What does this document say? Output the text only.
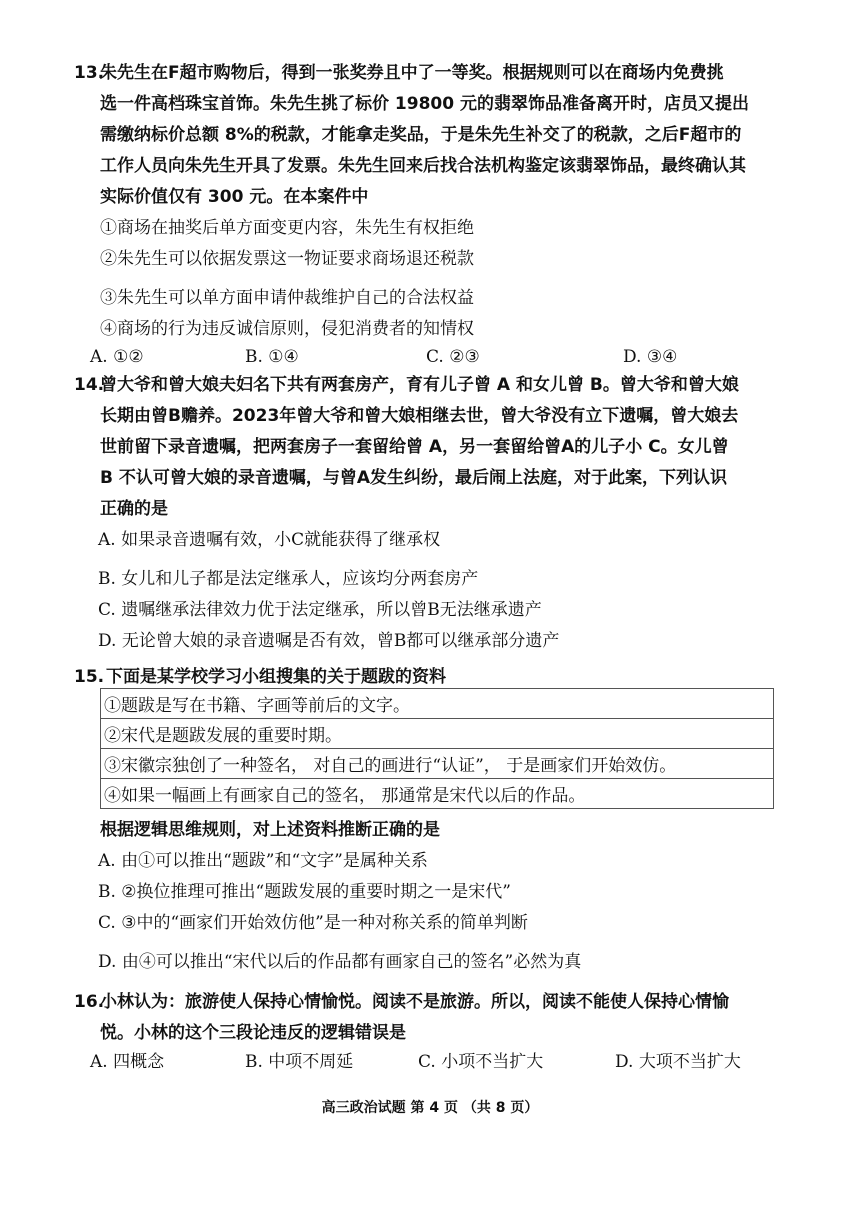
13.
朱先生在F超市购物后，得到一张奖券且中了一等奖。根据规则可以在商场内免费挑
选一件高档珠宝首饰。朱先生挑了标价 19800 元的翡翠饰品准备离开时，店员又提出
需缴纳标价总额 8%的税款，才能拿走奖品，于是朱先生补交了的税款，之后F超市的
工作人员向朱先生开具了发票。朱先生回来后找合法机构鉴定该翡翠饰品，最终确认其
实际价值仅有 300 元。在本案件中
①商场在抽奖后单方面变更内容，朱先生有权拒绝
②朱先生可以依据发票这一物证要求商场退还税款
③朱先生可以单方面申请仲裁维护自己的合法权益
④商场的行为违反诚信原则，侵犯消费者的知情权
A. ①②	B. ①④	C. ②③	D. ③④
14.
曾大爷和曾大娘夫妇名下共有两套房产，育有儿子曾 A 和女儿曾 B。曾大爷和曾大娘
长期由曾B赡养。2023年曾大爷和曾大娘相继去世，曾大爷没有立下遗嘱，曾大娘去
世前留下录音遗嘱，把两套房子一套留给曾 A，另一套留给曾A的儿子小 C。女儿曾
B 不认可曾大娘的录音遗嘱，与曾A发生纠纷，最后闹上法庭，对于此案，下列认识
正确的是
A. 如果录音遗嘱有效，小C就能获得了继承权
B. 女儿和儿子都是法定继承人，应该均分两套房产
C. 遗嘱继承法律效力优于法定继承，所以曾B无法继承遗产
D. 无论曾大娘的录音遗嘱是否有效，曾B都可以继承部分遗产
15. 下面是某学校学习小组搜集的关于题跋的资料
①题跋是写在书籍、字画等前后的文字。
②宋代是题跋发展的重要时期。
③宋徽宗独创了一种签名， 对自己的画进行“认证”， 于是画家们开始效仿。
④如果一幅画上有画家自己的签名， 那通常是宋代以后的作品。
根据逻辑思维规则，对上述资料推断正确的是
A. 由①可以推出“题跋”和“文字”是属种关系
B. ②换位推理可推出“题跋发展的重要时期之一是宋代”
C. ③中的“画家们开始效仿他”是一种对称关系的简单判断
D. 由④可以推出“宋代以后的作品都有画家自己的签名”必然为真
16.
小林认为：旅游使人保持心情愉悦。阅读不是旅游。所以，阅读不能使人保持心情愉
悦。小林的这个三段论违反的逻辑错误是
A. 四概念	B. 中项不周延	C. 小项不当扩大	D. 大项不当扩大
高三政治试题 第 4 页 （共 8 页）
